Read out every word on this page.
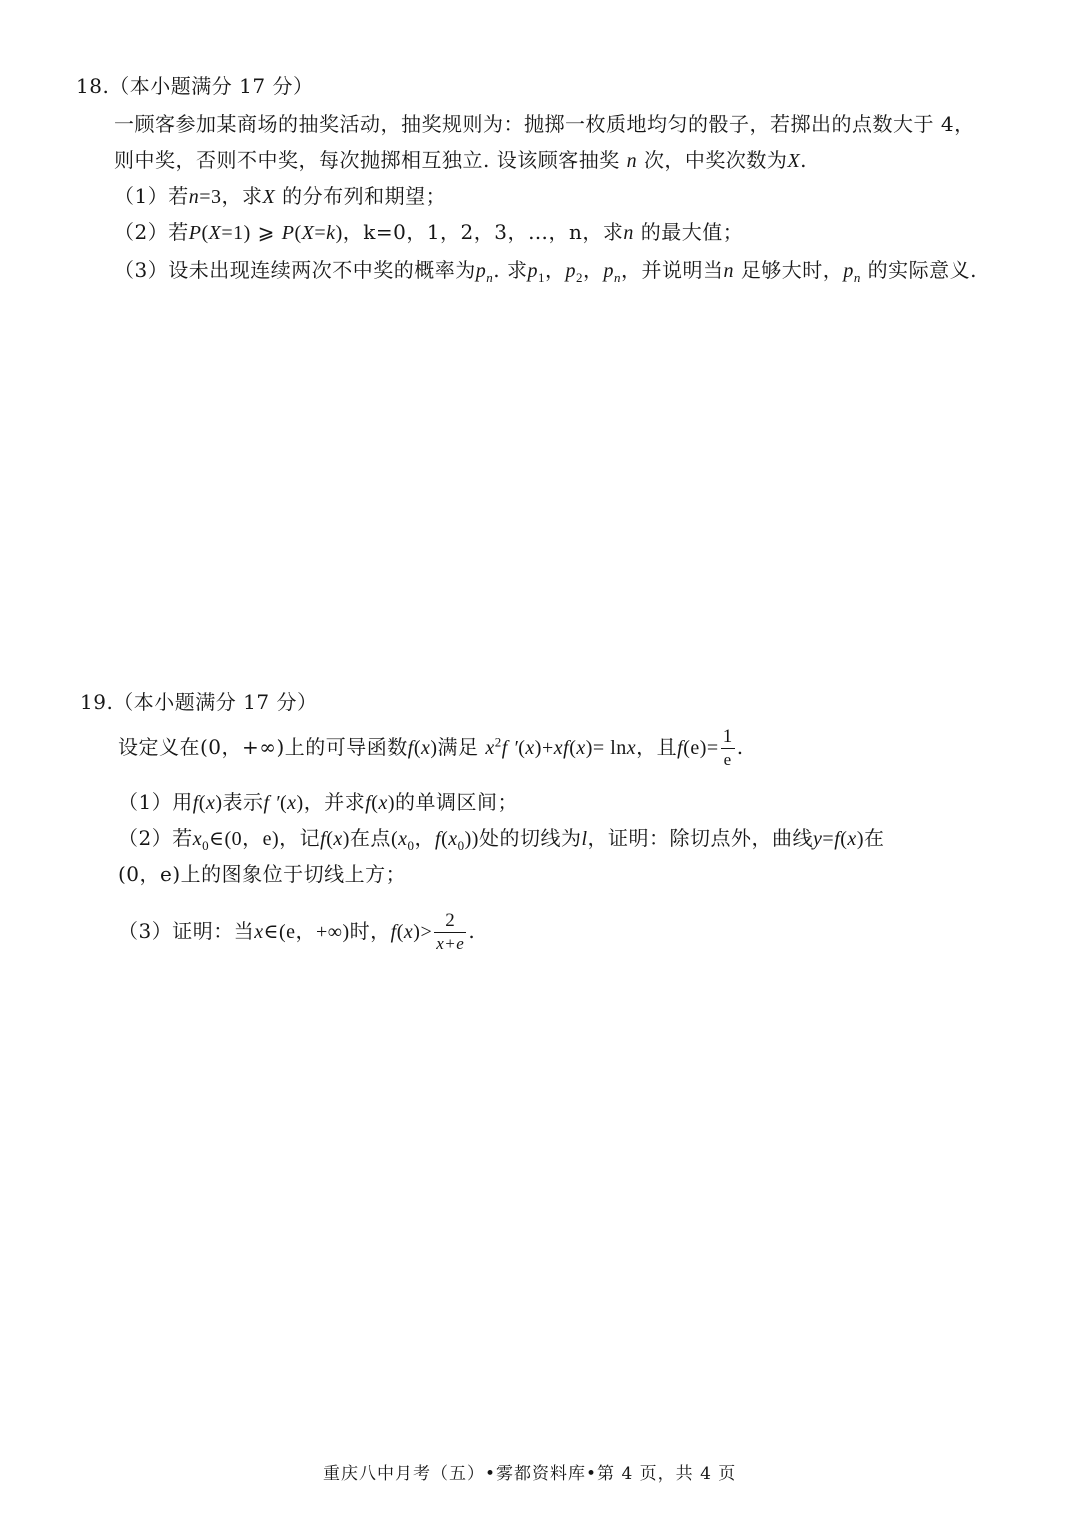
18.（本小题满分 17 分）
一顾客参加某商场的抽奖活动，抽奖规则为：抛掷一枚质地均匀的骰子，若掷出的点数大于 4，
则中奖，否则不中奖，每次抛掷相互独立. 设该顾客抽奖 n 次，中奖次数为X.
（1）若n=3，求X 的分布列和期望；
（2）若P(X=1) ⩾ P(X=k)，k=0，1，2，3，…，n，求n 的最大值；
（3）设未出现连续两次不中奖的概率为$p_n$. 求$p_1$，$p_2$，$p_n$，并说明当n 足够大时，$p_n$ 的实际意义.
19.（本小题满分 17 分）
设定义在(0，+∞)上的可导函数f(x)满足 $x^2f$ ′(x)+xf(x)= lnx，且$f(e)= \frac{1}{e}$ .
（1）用f(x)表示f ′(x)，并求f(x)的单调区间；
（2）若$x_0\in(0$，e)，记f(x)在点($x_0$，$f(x_0)$)处的切线为l，证明：除切点外，曲线y=f(x)在
(0，e)上的图象位于切线上方；
（3）证明：当x∈(e，+∞)时，$f(x)> \frac{2}{x+e}$ .
重庆八中月考（五）•雾都资料库•第 4 页，共 4 页
